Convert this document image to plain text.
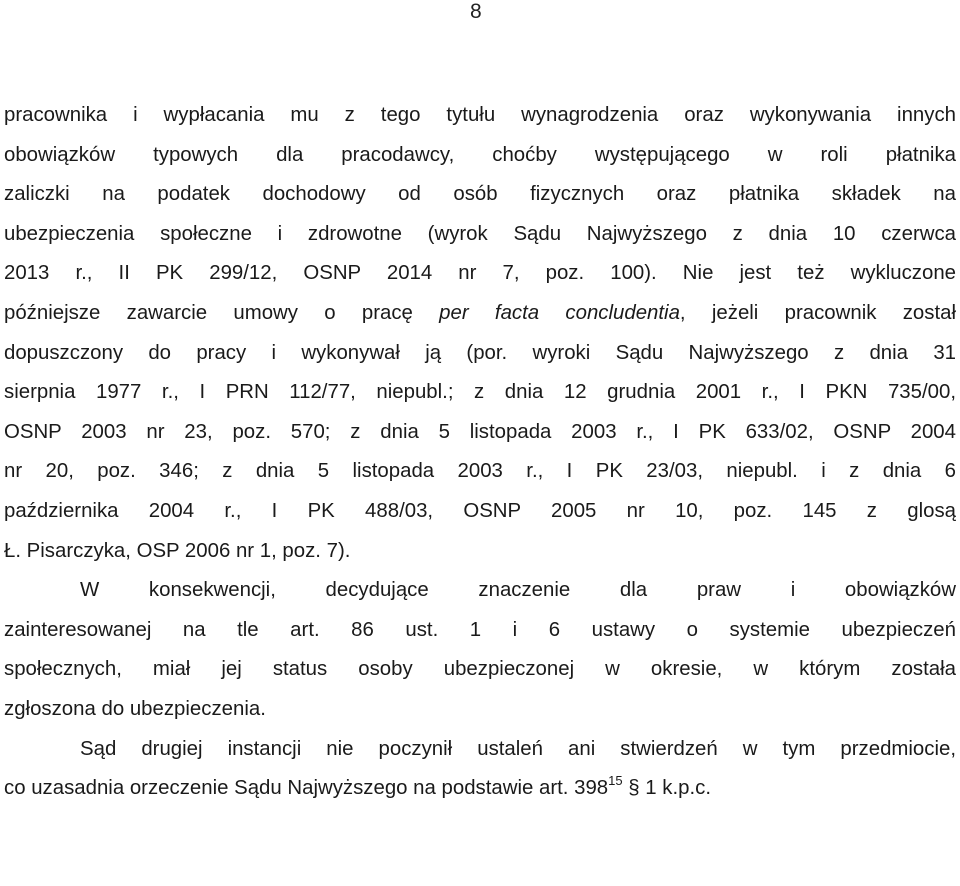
8
pracownika i wypłacania mu z tego tytułu wynagrodzenia oraz wykonywania innych
obowiązków typowych dla pracodawcy, choćby występującego w roli płatnika
zaliczki na podatek dochodowy od osób fizycznych oraz płatnika składek na
ubezpieczenia społeczne i zdrowotne (wyrok Sądu Najwyższego z dnia 10 czerwca
2013 r., II PK 299/12, OSNP 2014 nr 7, poz. 100). Nie jest też wykluczone
późniejsze zawarcie umowy o pracę per facta concludentia, jeżeli pracownik został
dopuszczony do pracy i wykonywał ją (por. wyroki Sądu Najwyższego z dnia 31
sierpnia 1977 r., I PRN 112/77, niepubl.; z dnia 12 grudnia 2001 r., I PKN 735/00,
OSNP 2003 nr 23, poz. 570; z dnia 5 listopada 2003 r., I PK 633/02, OSNP 2004
nr 20, poz. 346; z dnia 5 listopada 2003 r., I PK 23/03, niepubl. i z dnia 6
października 2004 r., I PK 488/03, OSNP 2005 nr 10, poz. 145 z glosą
Ł. Pisarczyka, OSP 2006 nr 1, poz. 7).
W konsekwencji, decydujące znaczenie dla praw i obowiązków
zainteresowanej na tle art. 86 ust. 1 i 6 ustawy o systemie ubezpieczeń
społecznych, miał jej status osoby ubezpieczonej w okresie, w którym została
zgłoszona do ubezpieczenia.
Sąd drugiej instancji nie poczynił ustaleń ani stwierdzeń w tym przedmiocie,
co uzasadnia orzeczenie Sądu Najwyższego na podstawie art. $398^{15}$ § 1 k.p.c.
